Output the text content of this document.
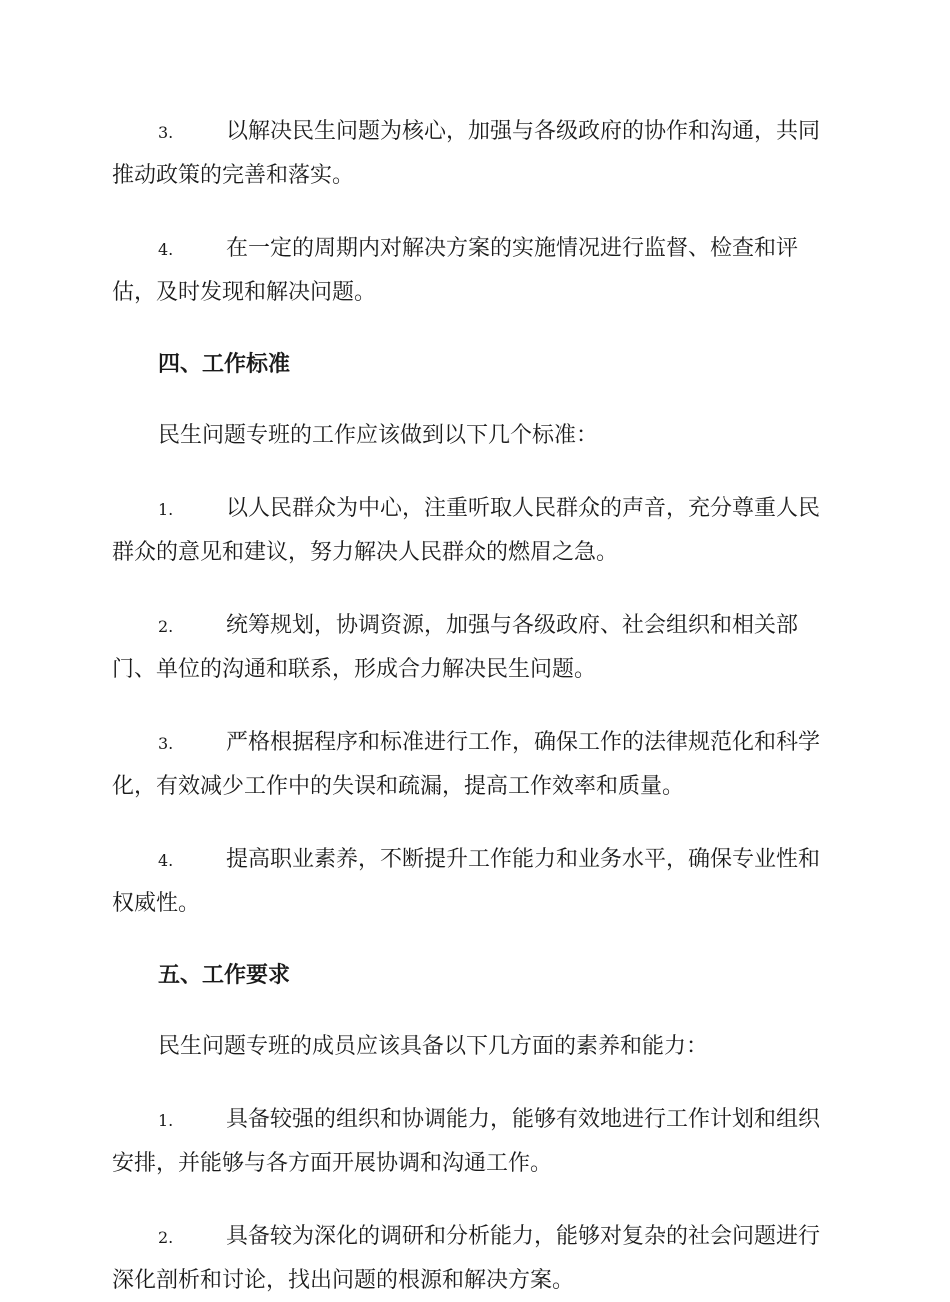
3. 以解决民生问题为核心，加强与各级政府的协作和沟通，共同推动政策的完善和落实。

4. 在一定的周期内对解决方案的实施情况进行监督、检查和评估，及时发现和解决问题。

四、工作标准

民生问题专班的工作应该做到以下几个标准：

1. 以人民群众为中心，注重听取人民群众的声音，充分尊重人民群众的意见和建议，努力解决人民群众的燃眉之急。

2. 统筹规划，协调资源，加强与各级政府、社会组织和相关部门、单位的沟通和联系，形成合力解决民生问题。

3. 严格根据程序和标准进行工作，确保工作的法律规范化和科学化，有效减少工作中的失误和疏漏，提高工作效率和质量。

4. 提高职业素养，不断提升工作能力和业务水平，确保专业性和权威性。

五、工作要求

民生问题专班的成员应该具备以下几方面的素养和能力：

1. 具备较强的组织和协调能力，能够有效地进行工作计划和组织安排，并能够与各方面开展协调和沟通工作。

2. 具备较为深化的调研和分析能力，能够对复杂的社会问题进行深化剖析和讨论，找出问题的根源和解决方案。
